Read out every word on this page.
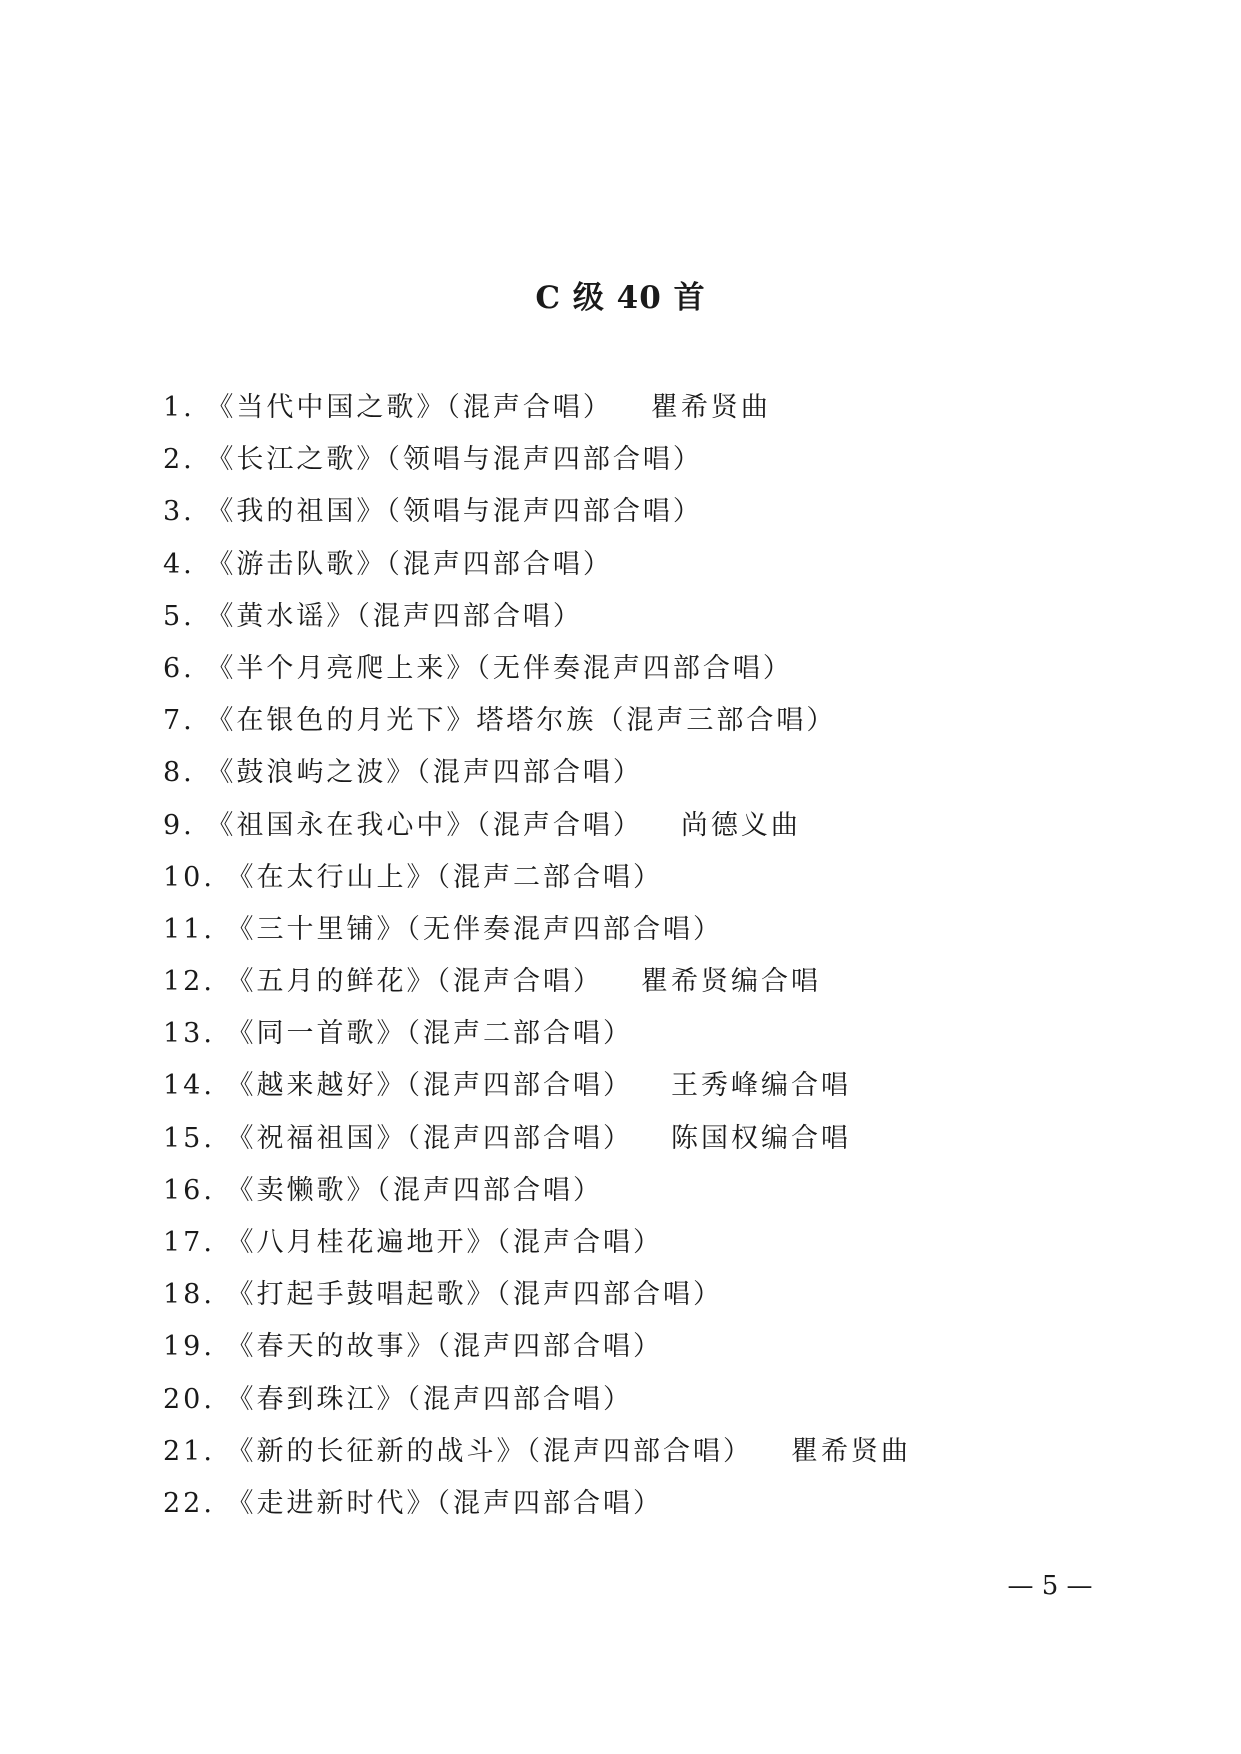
C 级 40 首
1. 《当代中国之歌》（混声合唱） 瞿希贤曲
2. 《长江之歌》（领唱与混声四部合唱）
3. 《我的祖国》（领唱与混声四部合唱）
4. 《游击队歌》（混声四部合唱）
5. 《黄水谣》（混声四部合唱）
6. 《半个月亮爬上来》（无伴奏混声四部合唱）
7. 《在银色的月光下》塔塔尔族（混声三部合唱）
8. 《鼓浪屿之波》（混声四部合唱）
9. 《祖国永在我心中》（混声合唱） 尚德义曲
10. 《在太行山上》（混声二部合唱）
11. 《三十里铺》（无伴奏混声四部合唱）
12. 《五月的鲜花》（混声合唱） 瞿希贤编合唱
13. 《同一首歌》（混声二部合唱）
14. 《越来越好》（混声四部合唱） 王秀峰编合唱
15. 《祝福祖国》（混声四部合唱） 陈国权编合唱
16. 《卖懒歌》（混声四部合唱）
17. 《八月桂花遍地开》（混声合唱）
18. 《打起手鼓唱起歌》（混声四部合唱）
19. 《春天的故事》（混声四部合唱）
20. 《春到珠江》（混声四部合唱）
21. 《新的长征新的战斗》（混声四部合唱） 瞿希贤曲
22. 《走进新时代》（混声四部合唱）
— 5 —
